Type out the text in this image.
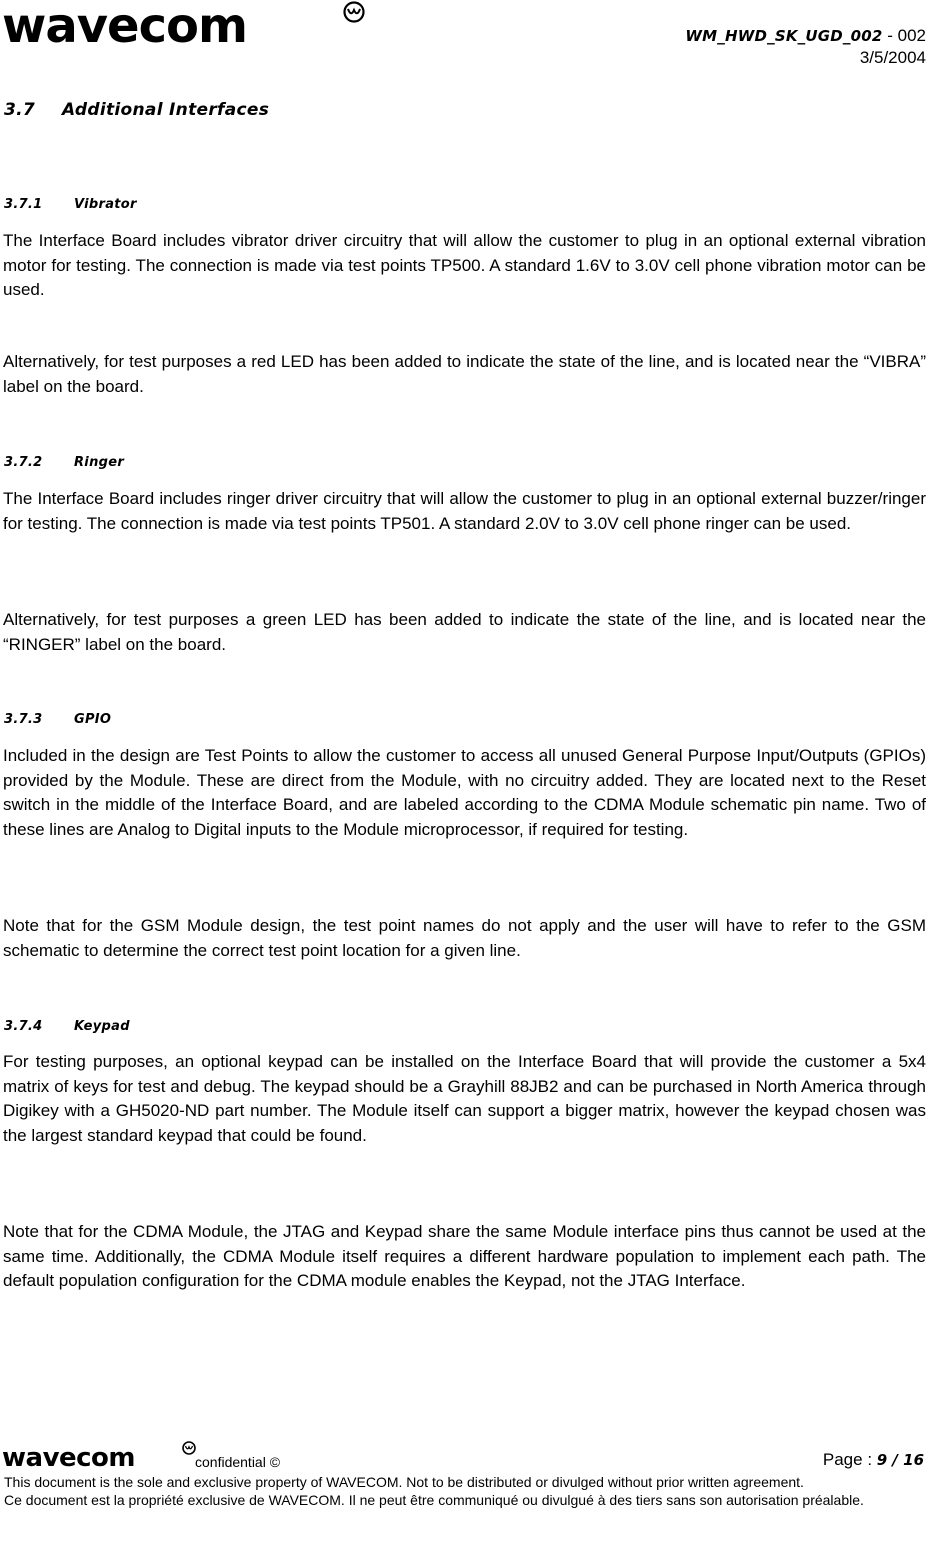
wavecom	WM_HWD_SK_UGD_002 - 002
3/5/2004
3.7 Additional Interfaces
3.7.1 Vibrator

The Interface Board includes vibrator driver circuitry that will allow the customer to plug in an optional external vibration motor for testing. The connection is made via test points TP500. A standard 1.6V to 3.0V cell phone vibration motor can be used.

Alternatively, for test purposes a red LED has been added to indicate the state of the line, and is located near the “VIBRA” label on the board.

3.7.2 Ringer

The Interface Board includes ringer driver circuitry that will allow the customer to plug in an optional external buzzer/ringer for testing. The connection is made via test points TP501. A standard 2.0V to 3.0V cell phone ringer can be used.

Alternatively, for test purposes a green LED has been added to indicate the state of the line, and is located near the “RINGER” label on the board.

3.7.3 GPIO

Included in the design are Test Points to allow the customer to access all unused General Purpose Input/Outputs (GPIOs) provided by the Module. These are direct from the Module, with no circuitry added. They are located next to the Reset switch in the middle of the Interface Board, and are labeled according to the CDMA Module schematic pin name. Two of these lines are Analog to Digital inputs to the Module microprocessor, if required for testing.

Note that for the GSM Module design, the test point names do not apply and the user will have to refer to the GSM schematic to determine the correct test point location for a given line.

3.7.4 Keypad

For testing purposes, an optional keypad can be installed on the Interface Board that will provide the customer a 5x4 matrix of keys for test and debug. The keypad should be a Grayhill 88JB2 and can be purchased in North America through Digikey with a GH5020-ND part number. The Module itself can support a bigger matrix, however the keypad chosen was the largest standard keypad that could be found.

Note that for the CDMA Module, the JTAG and Keypad share the same Module interface pins thus cannot be used at the same time. Additionally, the CDMA Module itself requires a different hardware population to implement each path. The default population configuration for the CDMA module enables the Keypad, not the JTAG Interface.

wavecom	confidential ©	Page : 9 / 16
This document is the sole and exclusive property of WAVECOM. Not to be distributed or divulged without prior written agreement.
Ce document est la propriété exclusive de WAVECOM. Il ne peut être communiqué ou divulgué à des tiers sans son autorisation préalable.
